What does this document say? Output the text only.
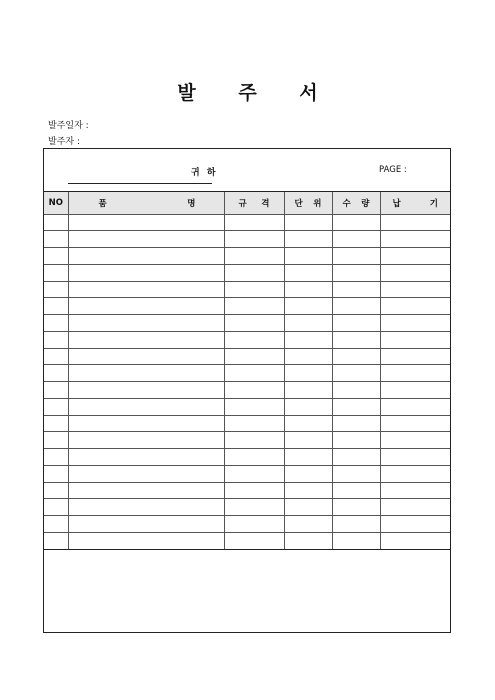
발 주 서
발주일자 :
발주자 :
귀 하	PAGE :
NO	품 명	규 격	단 위	수 량	납 기
